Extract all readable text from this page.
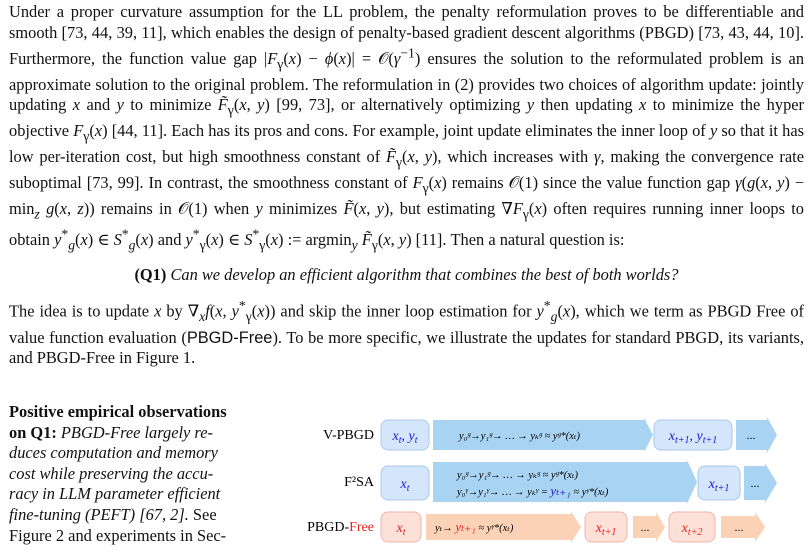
Under a proper curvature assumption for the LL problem, the penalty reformulation proves to be differentiable and smooth [73, 44, 39, 11], which enables the design of penalty-based gradient descent algorithms (PBGD) [73, 43, 44, 10]. Furthermore, the function value gap $|F_\gamma(x) - \phi(x)|$ = $𝒪(\gamma^{-1})$ ensures the solution to the reformulated problem is an approximate solution to the original problem. The reformulation in (2) provides two choices of algorithm update: jointly updating x and y to minimize $F̃_\gamma(x$, y) [99, 73], or alternatively optimizing y then updating x to minimize the hyper objective $F_\gamma(x)$ [44, 11]. Each has its pros and cons. For example, joint update eliminates the inner loop of y so that it has low per-iteration cost, but high smoothness constant of $F̃_\gamma(x$, y), which increases with γ, making the convergence rate suboptimal [73, 99]. In contrast, the smoothness constant of $F_\gamma(x)$ remains 𝒪(1) since the value function gap γ(g(x, $y) - \min_z g(x$, z)) remains in 𝒪(1) when y minimizes F̃(x, y), but estimating $\nabla F_\gamma(x)$ often requires running inner loops to obtain $y^*_g(x)$ ∈ $S^*_g(x)$ and $y^*_\gamma(x)$ ∈ $S^*_\gamma(x)$ := argmin$_y$ $F̃_\gamma(x$, y) [11]. Then a natural question is:

(Q1) Can we develop an efficient algorithm that combines the best of both worlds?

The idea is to update x by $\nabla_xf(x$, $y^*_\gamma(x)$) and skip the inner loop estimation for $y^*_g(x)$, which we term as PBGD Free of value function evaluation (PBGD-Free). To be more specific, we illustrate the updates for standard PBGD, its variants, and PBGD-Free in Figure 1.

Positive empirical observations
on Q1: PBGD-Free largely re-
duces computation and memory
cost while preserving the accu-
racy in LLM parameter efficient
fine-tuning (PEFT) [67, 2]. See
Figure 2 and experiments in Sec-
V-PBGD $x_t$, $y_t$	y₀ᵍ→y₁ᵍ→ … → yₖᵍ ≈ yᵍ*(xₜ)	$x_{t+1}$, $y_{t+1}$ ...
F²SA $x_t$
y₀ᵍ→y₁ᵍ→ … → yₖᵍ ≈ yᵍ*(xₜ)
y₀ᵞ→y₁ᵞ→ … → yₖᵞ = yₜ₊₁ ≈ yᵞ*(xₜ)
$x_{t+1}$ ...
PBGD-Free $x_t$	yₜ→ yₜ₊₁ ≈ yᵞ*(xₜ)	$x_{t+1}$ ... $x_{t+2}$	...
